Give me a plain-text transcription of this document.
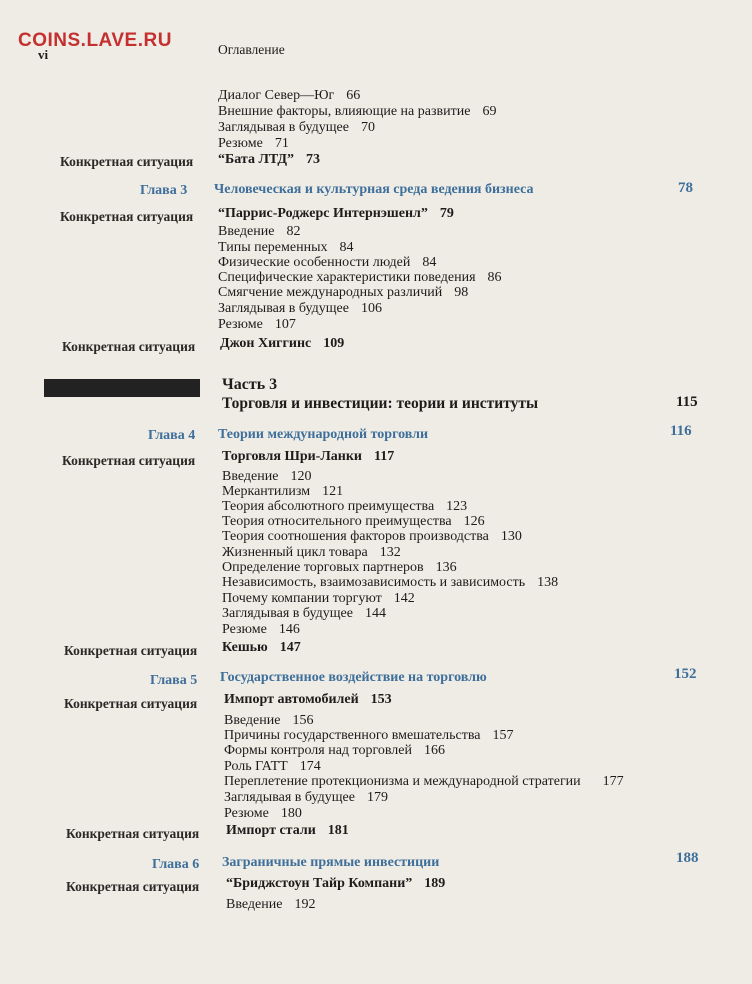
COINS.LAVE.RU
vi	Оглавление
Диалог Север—Юг 66
Внешние факторы, влияющие на развитие 69
Заглядывая в будущее 70
Резюме 71
Конкретная ситуация “Бата ЛТД” 73
Глава 3 Человеческая и культурная среда ведения бизнеса	78
Конкретная ситуация “Паррис-Роджерс Интернэшенл” 79
Введение 82
Типы переменных 84
Физические особенности людей 84
Специфические характеристики поведения 86
Смягчение международных различий 98
Заглядывая в будущее 106
Резюме 107
Конкретная ситуация Джон Хиггинс 109
Часть 3
Торговля и инвестиции: теории и институты	115
Глава 4 Теории международной торговли	116
Конкретная ситуация Торговля Шри-Ланки 117
Введение 120
Меркантилизм 121
Теория абсолютного преимущества 123
Теория относительного преимущества 126
Теория соотношения факторов производства 130
Жизненный цикл товара 132
Определение торговых партнеров 136
Независимость, взаимозависимость и зависимость 138
Почему компании торгуют 142
Заглядывая в будущее 144
Резюме 146
Конкретная ситуация Кешью 147
Глава 5 Государственное воздействие на торговлю	152
Конкретная ситуация Импорт автомобилей 153
Введение 156
Причины государственного вмешательства 157
Формы контроля над торговлей 166
Роль ГАТТ 174
Переплетение протекционизма и международной стратегии 177
Заглядывая в будущее 179
Резюме 180
Конкретная ситуация Импорт стали 181
Глава 6 Заграничные прямые инвестиции	188
Конкретная ситуация “Бриджстоун Тайр Компани” 189
Введение 192
